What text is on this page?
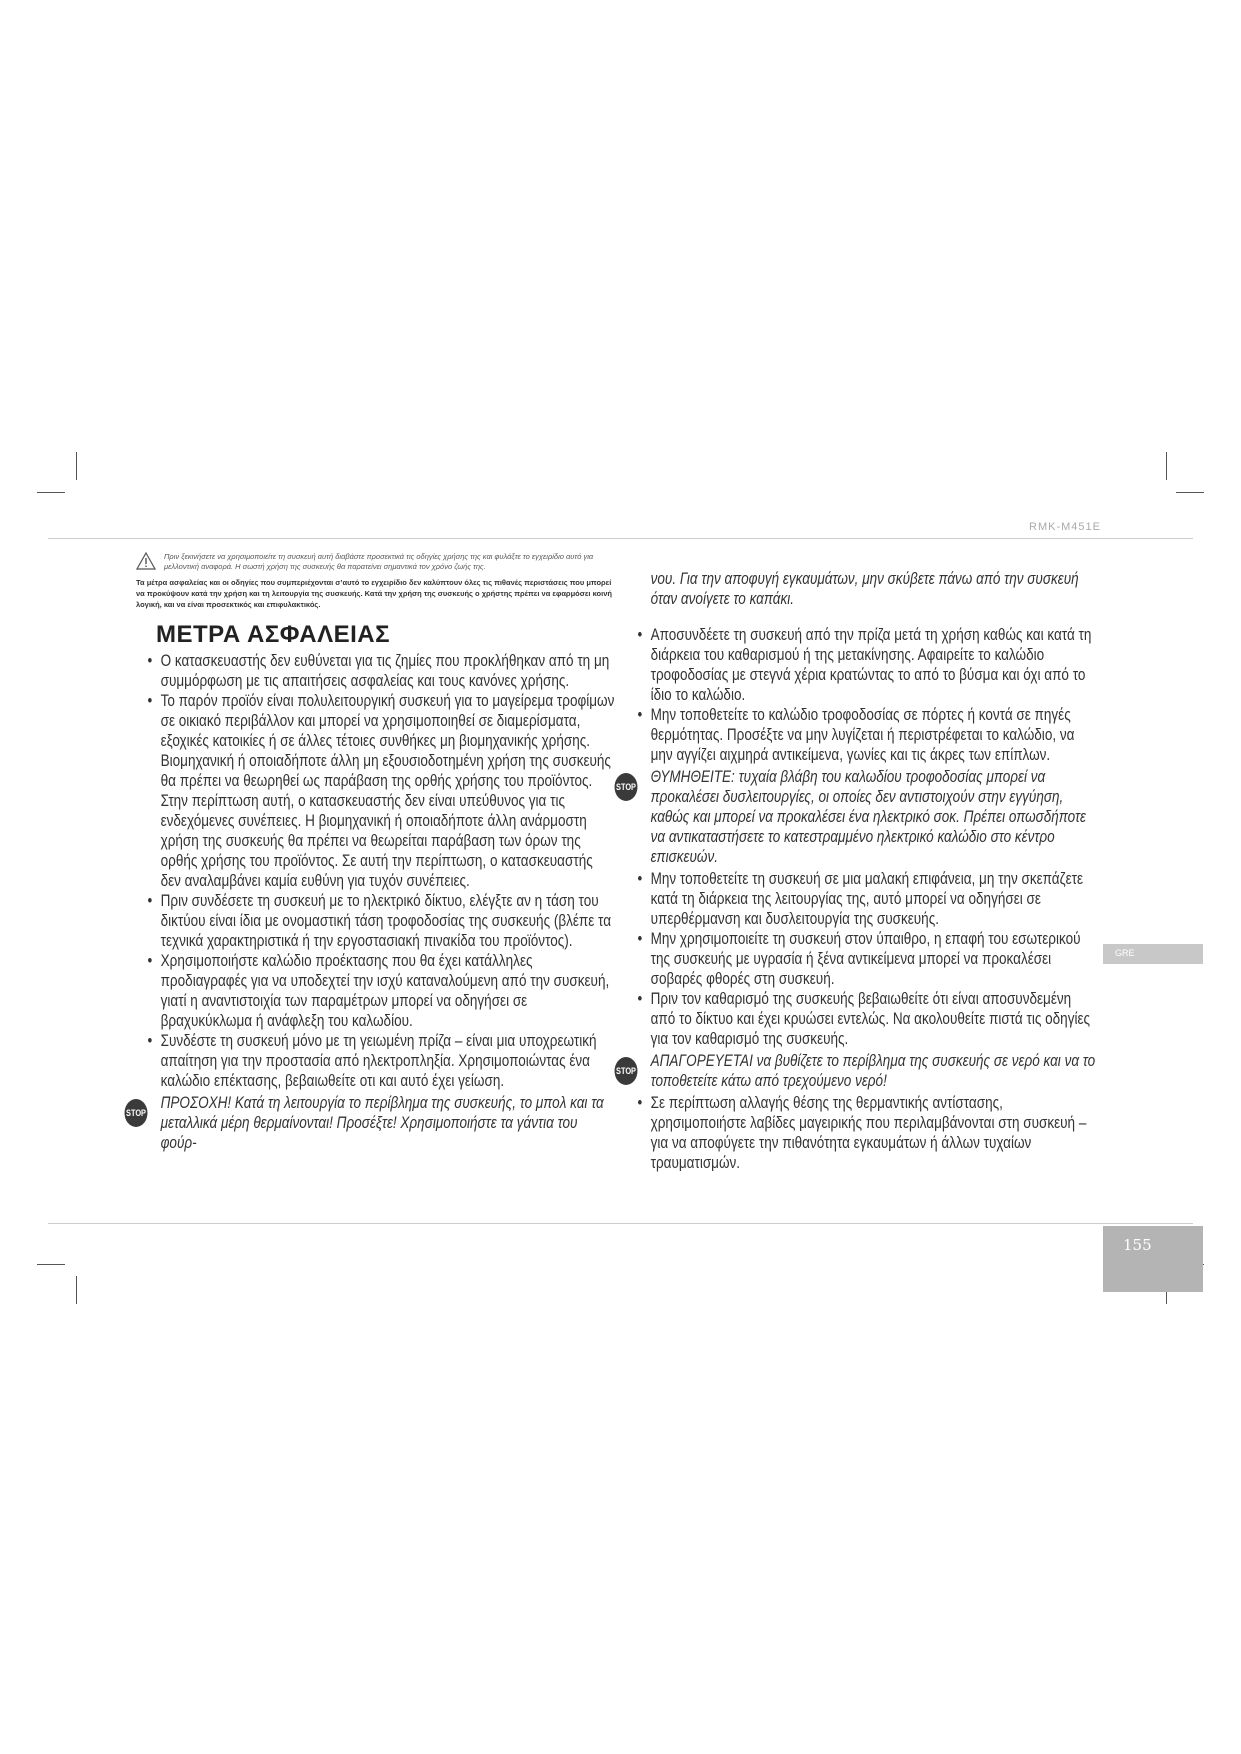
RMK-M451E
Πριν ξεκινήσετε να χρησιμοποιείτε τη συσκευή αυτή διαβάστε προσεκτικά τις οδηγίες χρήσης της και φυλάξτε το εγχειρίδιο αυτό για μελλοντική αναφορά. Η σωστή χρήση της συσκευής θα παρατείνει σημαντικά τον χρόνο ζωής της.
Τα μέτρα ασφαλείας και οι οδηγίες που συμπεριέχονται σ’αυτό το εγχειρίδιο δεν καλύπτουν όλες τις πιθανές περιστάσεις που μπορεί να προκύψουν κατά την χρήση και τη λειτουργία της συσκευής. Κατά την χρήση της συσκευής ο χρήστης πρέπει να εφαρμόσει κοινή λογική, και να είναι προσεκτικός και επιφυλακτικός.
ΜΕΤΡΑ ΑΣΦΑΛΕΙΑΣ

• Ο κατασκευαστής δεν ευθύνεται για τις ζημίες που προκλήθηκαν από τη μη συμμόρφωση με τις απαιτήσεις ασφαλείας και τους κανόνες χρήσης.

• Το παρόν προϊόν είναι πολυλειτουργική συσκευή για το μαγείρεμα τροφίμων σε οικιακό περιβάλλον και μπορεί να χρησιμοποιηθεί σε διαμερίσματα, εξοχικές κατοικίες ή σε άλλες τέτοιες συνθήκες μη βιομηχανικής χρήσης. Βιομηχανική ή οποιαδήποτε άλλη μη εξουσιοδοτημένη χρήση της συσκευής θα πρέπει να θεωρηθεί ως παράβαση της ορθής χρήσης του προϊόντος. Στην περίπτωση αυτή, ο κατασκευαστής δεν είναι υπεύθυνος για τις ενδεχόμενες συνέπειες. Η βιομηχανική ή οποιαδήποτε άλλη ανάρμοστη χρήση της συσκευής θα πρέπει να θεωρείται παράβαση των όρων της ορθής χρήσης του προϊόντος. Σε αυτή την περίπτωση, ο κατασκευαστής δεν αναλαμβάνει καμία ευθύνη για τυχόν συνέπειες.

• Πριν συνδέσετε τη συσκευή με το ηλεκτρικό δίκτυο, ελέγξτε αν η τάση του δικτύου είναι ίδια με ονομαστική τάση τροφοδοσίας της συσκευής (βλέπε τα τεχνικά χαρακτηριστικά ή την εργοστασιακή πινακίδα του προϊόντος).

• Χρησιμοποιήστε καλώδιο προέκτασης που θα έχει κατάλληλες προδιαγραφές για να υποδεχτεί την ισχύ καταναλούμενη από την συσκευή, γιατί η αναντιστοιχία των παραμέτρων μπορεί να οδηγήσει σε βραχυκύκλωμα ή ανάφλεξη του καλωδίου.

• Συνδέστε τη συσκευή μόνο με τη γειωμένη πρίζα – είναι μια υποχρεωτική απαίτηση για την προστασία από ηλεκτροπληξία. Χρησιμοποιώντας ένα καλώδιο επέκτασης, βεβαιωθείτε οτι και αυτό έχει γείωση.

STOP
ΠΡΟΣΟΧΗ! Κατά τη λειτουργία το περίβλημα της συσκευής, το μπολ και τα μεταλλικά μέρη θερμαίνονται! Προσέξτε! Χρησιμοποιήστε τα γάντια του φούρ-

νου. Για την αποφυγή εγκαυμάτων, μην σκύβετε πάνω από την συσκευή όταν ανοίγετε το καπάκι.

• Αποσυνδέετε τη συσκευή από την πρίζα μετά τη χρήση καθώς και κατά τη διάρκεια του καθαρισμού ή της μετακίνησης. Αφαιρείτε το καλώδιο τροφοδοσίας με στεγνά χέρια κρατώντας το από το βύσμα και όχι από το ίδιο το καλώδιο.

• Μην τοποθετείτε το καλώδιο τροφοδοσίας σε πόρτες ή κοντά σε πηγές θερμότητας. Προσέξτε να μην λυγίζεται ή περιστρέφεται το καλώδιο, να μην αγγίζει αιχμηρά αντικείμενα, γωνίες και τις άκρες των επίπλων.

STOP
ΘΥΜΗΘΕΙΤΕ: τυχαία βλάβη του καλωδίου τροφοδοσίας μπορεί να προκαλέσει δυσλειτουργίες, οι οποίες δεν αντιστοιχούν στην εγγύηση, καθώς και μπορεί να προκαλέσει ένα ηλεκτρικό σοκ. Πρέπει οπωσδήποτε να αντικαταστήσετε το κατεστραμμένο ηλεκτρικό καλώδιο στο κέντρο επισκευών.

• Μην τοποθετείτε τη συσκευή σε μια μαλακή επιφάνεια, μη την σκεπάζετε κατά τη διάρκεια της λειτουργίας της, αυτό μπορεί να οδηγήσει σε υπερθέρμανση και δυσλειτουργία της συσκευής.

• Μην χρησιμοποιείτε τη συσκευή στον ύπαιθρο, η επαφή του εσωτερικού της συσκευής με υγρασία ή ξένα αντικείμενα μπορεί να προκαλέσει σοβαρές φθορές στη συσκευή.

• Πριν τον καθαρισμό της συσκευής βεβαιωθείτε ότι είναι αποσυνδεμένη από το δίκτυο και έχει κρυώσει εντελώς. Να ακολουθείτε πιστά τις οδηγίες για τον καθαρισμό της συσκευής.

STOP
ΑΠΑΓΟΡΕΥΕΤΑΙ να βυθίζετε το περίβλημα της συσκευής σε νερό και να το τοποθετείτε κάτω από τρεχούμενο νερό!

• Σε περίπτωση αλλαγής θέσης της θερμαντικής αντίστασης, χρησιμοποιήστε λαβίδες μαγειρικής που περιλαμβάνονται στη συσκευή – για να αποφύγετε την πιθανότητα εγκαυμάτων ή άλλων τυχαίων τραυματισμών.

GRE
155
